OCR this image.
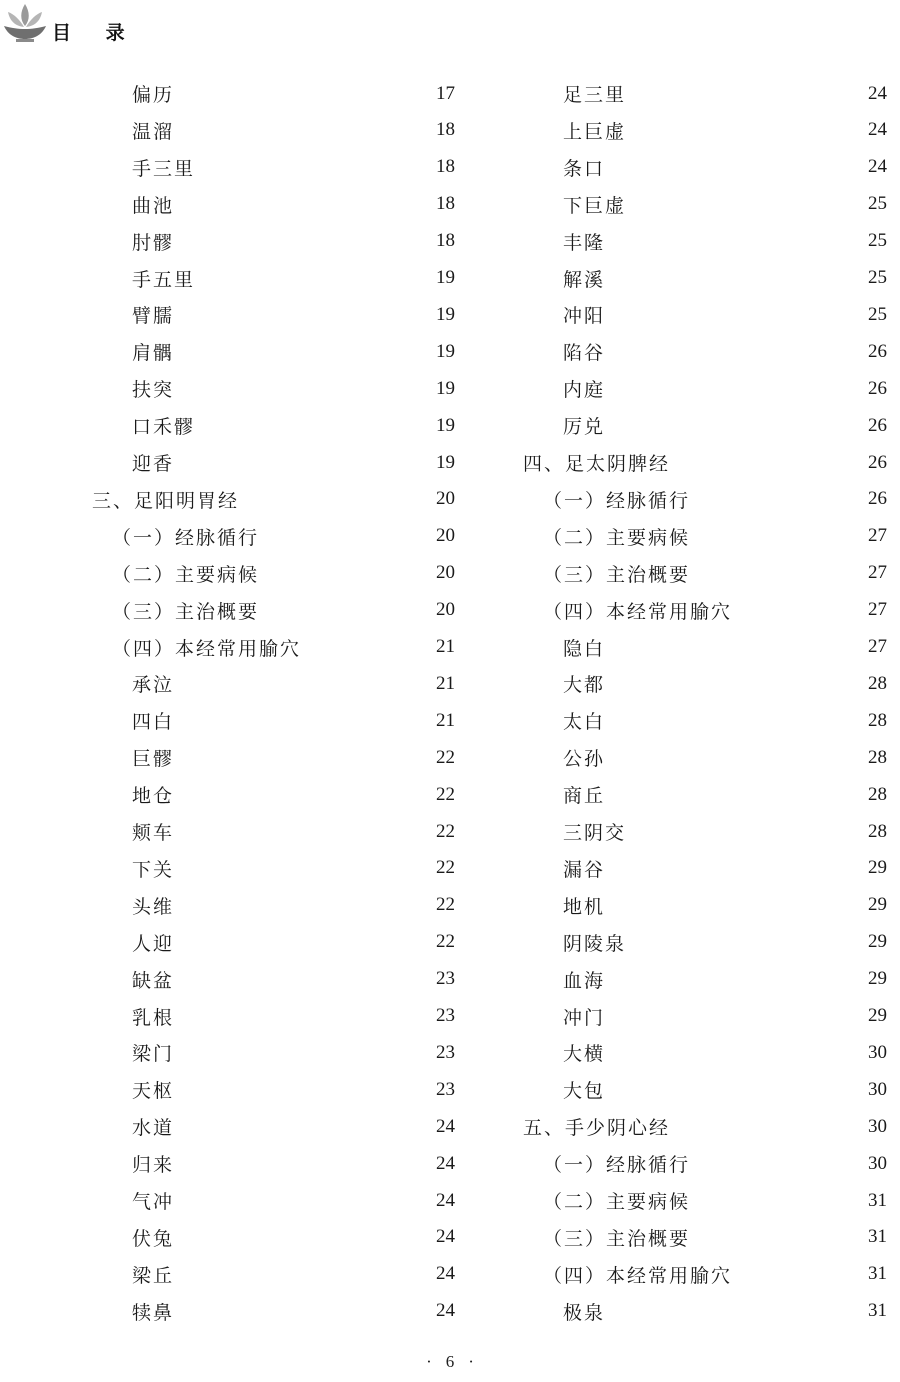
目 录
偏历	17
温溜	18
手三里	18
曲池	18
肘髎	18
手五里	19
臂臑	19
肩髃	19
扶突	19
口禾髎	19
迎香	19
三、足阳明胃经	20
（一）经脉循行	20
（二）主要病候	20
（三）主治概要	20
（四）本经常用腧穴	21
承泣	21
四白	21
巨髎	22
地仓	22
颊车	22
下关	22
头维	22
人迎	22
缺盆	23
乳根	23
梁门	23
天枢	23
水道	24
归来	24
气冲	24
伏兔	24
梁丘	24
犊鼻	24
足三里	24
上巨虚	24
条口	24
下巨虚	25
丰隆	25
解溪	25
冲阳	25
陷谷	26
内庭	26
厉兑	26
四、足太阴脾经	26
（一）经脉循行	26
（二）主要病候	27
（三）主治概要	27
（四）本经常用腧穴	27
隐白	27
大都	28
太白	28
公孙	28
商丘	28
三阴交	28
漏谷	29
地机	29
阴陵泉	29
血海	29
冲门	29
大横	30
大包	30
五、手少阴心经	30
（一）经脉循行	30
（二）主要病候	31
（三）主治概要	31
（四）本经常用腧穴	31
极泉	31
· 6 ·
